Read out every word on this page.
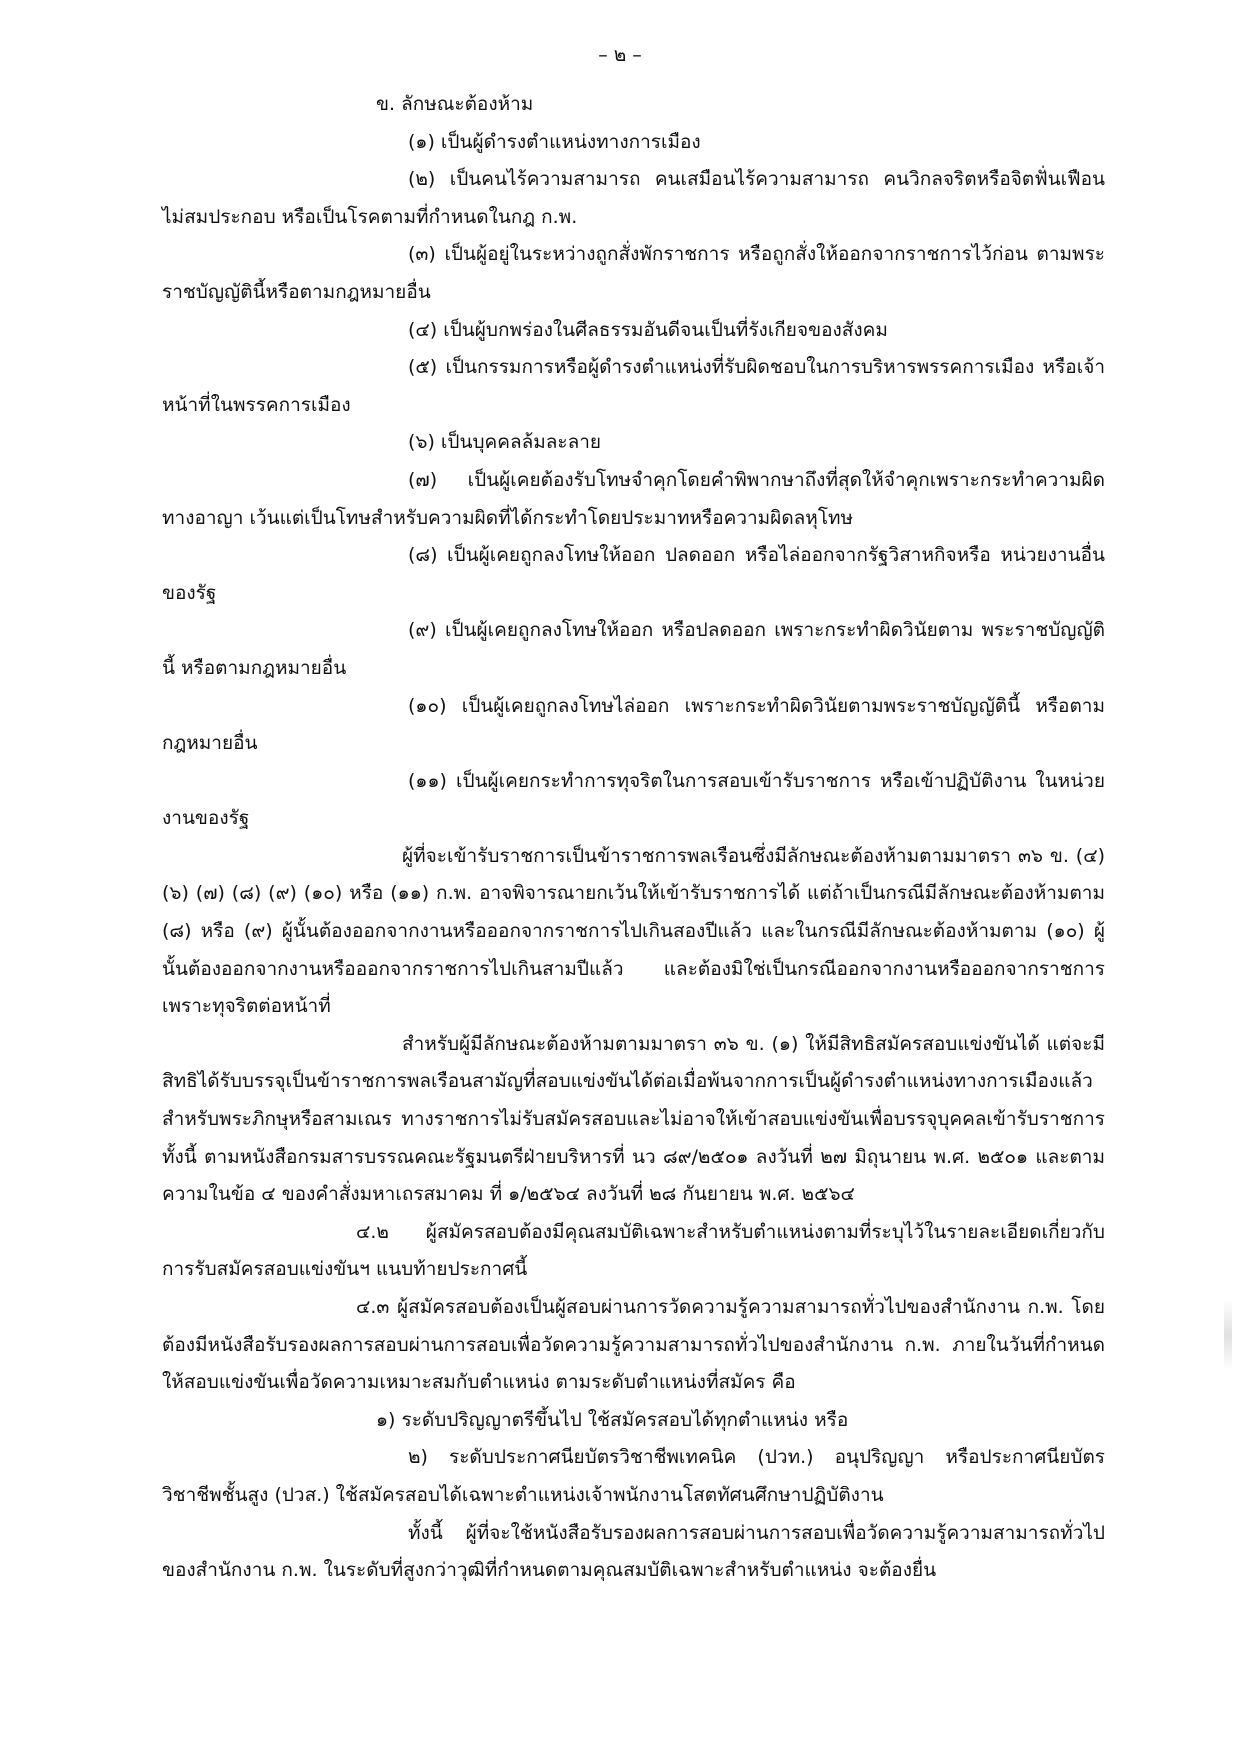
– ๒ –

ข. ลักษณะต้องห้าม

(๑) เป็นผู้ดำรงตำแหน่งทางการเมือง

(๒) เป็นคนไร้ความสามารถ คนเสมือนไร้ความสามารถ คนวิกลจริตหรือจิตฟั่นเฟือน ไม่สมประกอบ หรือเป็นโรคตามที่กำหนดในกฎ ก.พ.

(๓) เป็นผู้อยู่ในระหว่างถูกสั่งพักราชการ หรือถูกสั่งให้ออกจากราชการไว้ก่อน ตามพระราชบัญญัตินี้หรือตามกฎหมายอื่น

(๔) เป็นผู้บกพร่องในศีลธรรมอันดีจนเป็นที่รังเกียจของสังคม

(๕) เป็นกรรมการหรือผู้ดำรงตำแหน่งที่รับผิดชอบในการบริหารพรรคการเมือง หรือเจ้าหน้าที่ในพรรคการเมือง

(๖) เป็นบุคคลล้มละลาย

(๗) เป็นผู้เคยต้องรับโทษจำคุกโดยคำพิพากษาถึงที่สุดให้จำคุกเพราะกระทำความผิดทางอาญา เว้นแต่เป็นโทษสำหรับความผิดที่ได้กระทำโดยประมาทหรือความผิดลหุโทษ

(๘) เป็นผู้เคยถูกลงโทษให้ออก ปลดออก หรือไล่ออกจากรัฐวิสาหกิจหรือ หน่วยงานอื่นของรัฐ

(๙) เป็นผู้เคยถูกลงโทษให้ออก หรือปลดออก เพราะกระทำผิดวินัยตาม พระราชบัญญัตินี้ หรือตามกฎหมายอื่น

(๑๐) เป็นผู้เคยถูกลงโทษไล่ออก เพราะกระทำผิดวินัยตามพระราชบัญญัตินี้ หรือตามกฎหมายอื่น

(๑๑) เป็นผู้เคยกระทำการทุจริตในการสอบเข้ารับราชการ หรือเข้าปฏิบัติงาน ในหน่วยงานของรัฐ

ผู้ที่จะเข้ารับราชการเป็นข้าราชการพลเรือนซึ่งมีลักษณะต้องห้ามตามมาตรา ๓๖ ข. (๔) (๖) (๗) (๘) (๙) (๑๐) หรือ (๑๑) ก.พ. อาจพิจารณายกเว้นให้เข้ารับราชการได้ แต่ถ้าเป็นกรณีมีลักษณะต้องห้ามตาม (๘) หรือ (๙) ผู้นั้นต้องออกจากงานหรือออกจากราชการไปเกินสองปีแล้ว และในกรณีมีลักษณะต้องห้ามตาม (๑๐) ผู้นั้นต้องออกจากงานหรือออกจากราชการไปเกินสามปีแล้ว และต้องมิใช่เป็นกรณีออกจากงานหรือออกจากราชการเพราะทุจริตต่อหน้าที่

สำหรับผู้มีลักษณะต้องห้ามตามมาตรา ๓๖ ข. (๑) ให้มีสิทธิสมัครสอบแข่งขันได้ แต่จะมีสิทธิได้รับบรรจุเป็นข้าราชการพลเรือนสามัญที่สอบแข่งขันได้ต่อเมื่อพ้นจากการเป็นผู้ดำรงตำแหน่งทางการเมืองแล้ว สำหรับพระภิกษุหรือสามเณร ทางราชการไม่รับสมัครสอบและไม่อาจให้เข้าสอบแข่งขันเพื่อบรรจุบุคคลเข้ารับราชการ ทั้งนี้ ตามหนังสือกรมสารบรรณคณะรัฐมนตรีฝ่ายบริหารที่ นว ๘๙/๒๕๐๑ ลงวันที่ ๒๗ มิถุนายน พ.ศ. ๒๕๐๑ และตามความในข้อ ๔ ของคำสั่งมหาเถรสมาคม ที่ ๑/๒๕๖๔ ลงวันที่ ๒๘ กันยายน พ.ศ. ๒๕๖๔

๔.๒ ผู้สมัครสอบต้องมีคุณสมบัติเฉพาะสำหรับตำแหน่งตามที่ระบุไว้ในรายละเอียดเกี่ยวกับการรับสมัครสอบแข่งขันฯ แนบท้ายประกาศนี้

๔.๓ ผู้สมัครสอบต้องเป็นผู้สอบผ่านการวัดความรู้ความสามารถทั่วไปของสำนักงาน ก.พ. โดยต้องมีหนังสือรับรองผลการสอบผ่านการสอบเพื่อวัดความรู้ความสามารถทั่วไปของสำนักงาน ก.พ. ภายในวันที่กำหนดให้สอบแข่งขันเพื่อวัดความเหมาะสมกับตำแหน่ง ตามระดับตำแหน่งที่สมัคร คือ

๑) ระดับปริญญาตรีขึ้นไป ใช้สมัครสอบได้ทุกตำแหน่ง หรือ

๒) ระดับประกาศนียบัตรวิชาชีพเทคนิค (ปวท.) อนุปริญญา หรือประกาศนียบัตร วิชาชีพชั้นสูง (ปวส.) ใช้สมัครสอบได้เฉพาะตำแหน่งเจ้าพนักงานโสตทัศนศึกษาปฏิบัติงาน

ทั้งนี้ ผู้ที่จะใช้หนังสือรับรองผลการสอบผ่านการสอบเพื่อวัดความรู้ความสามารถทั่วไปของสำนักงาน ก.พ. ในระดับที่สูงกว่าวุฒิที่กำหนดตามคุณสมบัติเฉพาะสำหรับตำแหน่ง จะต้องยื่น
